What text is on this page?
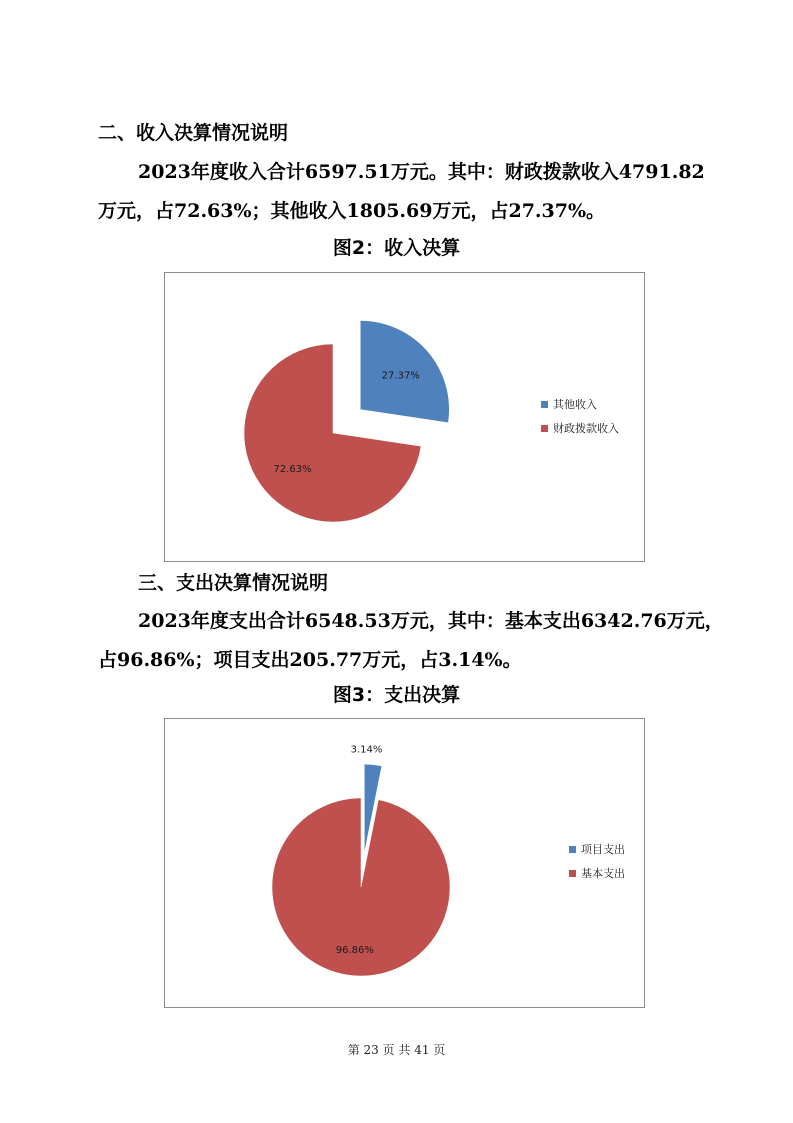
二、收入决算情况说明
2023年度收入合计6597.51万元。其中：财政拨款收入4791.82
万元，占72.63%；其他收入1805.69万元，占27.37%。
图2：收入决算
27.37%
其他收入
72.63%
财政拨款收入
三、支出决算情况说明
2023年度支出合计6548.53万元，其中：基本支出6342.76万元，
占96.86%；项目支出205.77万元，占3.14%。
图3：支出决算
3.14%
项目支出
96.86%
基本支出
第 23 页 共 41 页
